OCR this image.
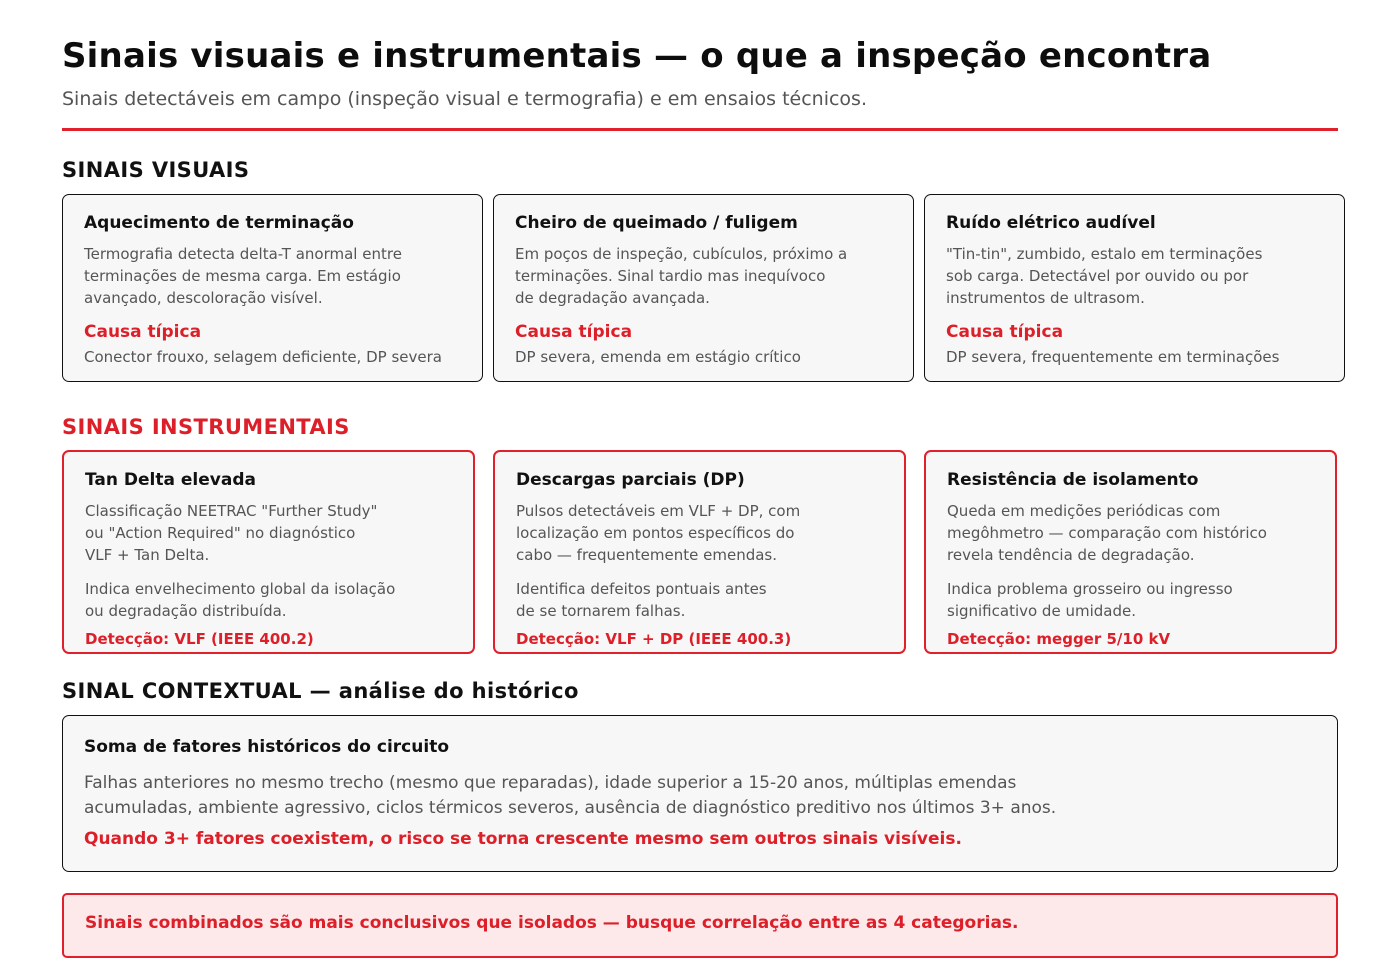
Sinais visuais e instrumentais — o que a inspeção encontra
Sinais detectáveis em campo (inspeção visual e termografia) e em ensaios técnicos.
SINAIS VISUAIS
Aquecimento de terminação
Termografia detecta delta-T anormal entre
terminações de mesma carga. Em estágio
avançado, descoloração visível.
Causa típica
Conector frouxo, selagem deficiente, DP severa
Cheiro de queimado / fuligem
Em poços de inspeção, cubículos, próximo a
terminações. Sinal tardio mas inequívoco
de degradação avançada.
Causa típica
DP severa, emenda em estágio crítico
Ruído elétrico audível
"Tin-tin", zumbido, estalo em terminações
sob carga. Detectável por ouvido ou por
instrumentos de ultrasom.
Causa típica
DP severa, frequentemente em terminações
SINAIS INSTRUMENTAIS
Tan Delta elevada
Classificação NEETRAC "Further Study"
ou "Action Required" no diagnóstico
VLF + Tan Delta.
Indica envelhecimento global da isolação
ou degradação distribuída.
Detecção: VLF (IEEE 400.2)
Descargas parciais (DP)
Pulsos detectáveis em VLF + DP, com
localização em pontos específicos do
cabo — frequentemente emendas.
Identifica defeitos pontuais antes
de se tornarem falhas.
Detecção: VLF + DP (IEEE 400.3)
Resistência de isolamento
Queda em medições periódicas com
megôhmetro — comparação com histórico
revela tendência de degradação.
Indica problema grosseiro ou ingresso
significativo de umidade.
Detecção: megger 5/10 kV
SINAL CONTEXTUAL — análise do histórico
Soma de fatores históricos do circuito
Falhas anteriores no mesmo trecho (mesmo que reparadas), idade superior a 15-20 anos, múltiplas emendas
acumuladas, ambiente agressivo, ciclos térmicos severos, ausência de diagnóstico preditivo nos últimos 3+ anos.
Quando 3+ fatores coexistem, o risco se torna crescente mesmo sem outros sinais visíveis.
Sinais combinados são mais conclusivos que isolados — busque correlação entre as 4 categorias.
